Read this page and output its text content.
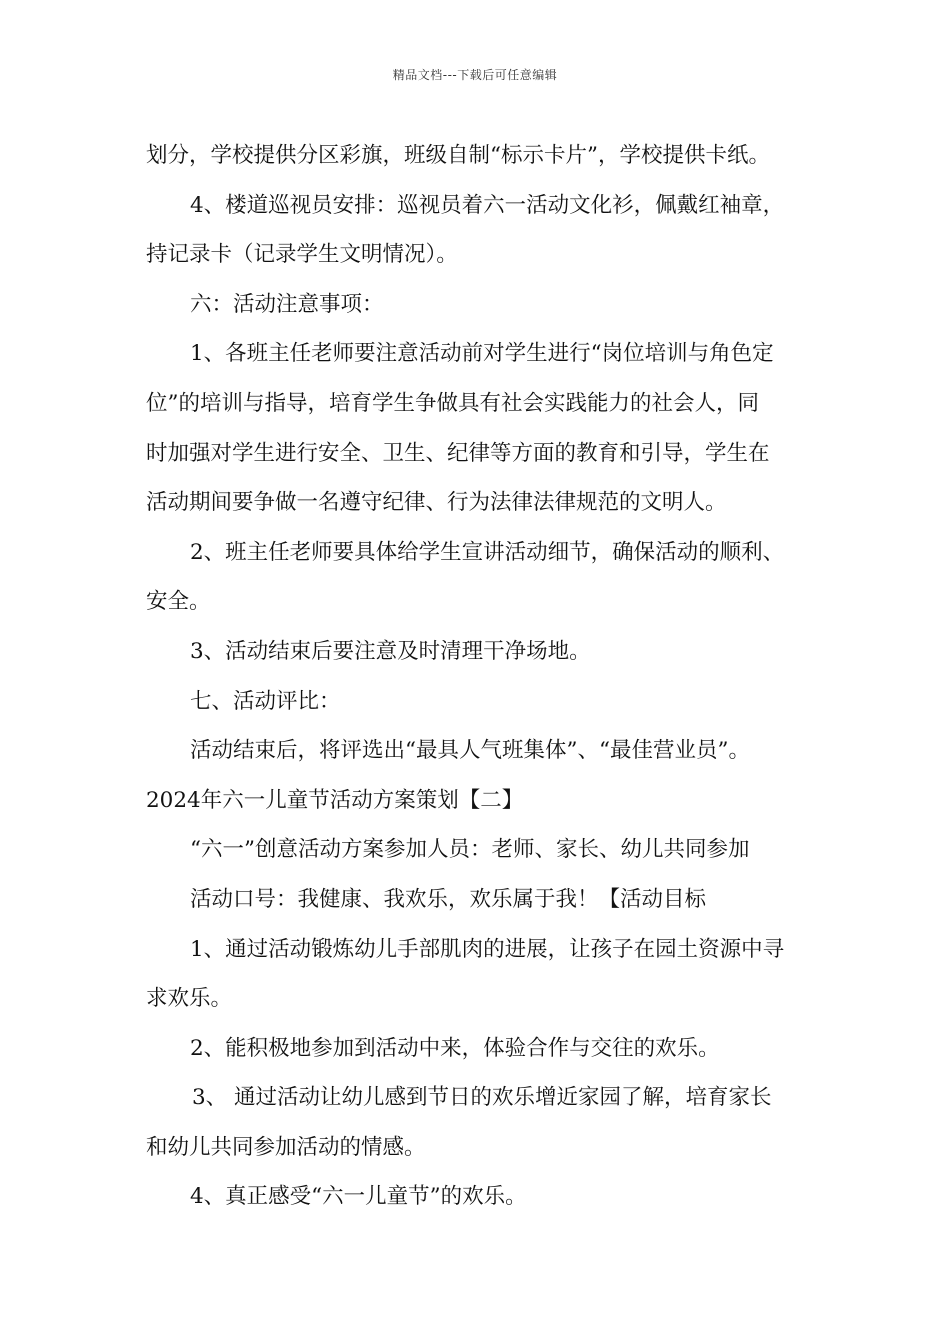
精品文档---下载后可任意编辑

划分，学校提供分区彩旗，班级自制“标示卡片”，学校提供卡纸。

4、楼道巡视员安排：巡视员着六一活动文化衫，佩戴红袖章，

持记录卡（记录学生文明情况）。

六：活动注意事项：

1、各班主任老师要注意活动前对学生进行“岗位培训与角色定

位”的培训与指导，培育学生争做具有社会实践能力的社会人，同

时加强对学生进行安全、卫生、纪律等方面的教育和引导，学生在

活动期间要争做一名遵守纪律、行为法律法律规范的文明人。

2、班主任老师要具体给学生宣讲活动细节，确保活动的顺利、

安全。

3、活动结束后要注意及时清理干净场地。

七、活动评比：

活动结束后，将评选出“最具人气班集体”、“最佳营业员”。

2024年六一儿童节活动方案策划【二】

“六一”创意活动方案参加人员：老师、家长、幼儿共同参加

活动口号：我健康、我欢乐，欢乐属于我！【活动目标

1、通过活动锻炼幼儿手部肌肉的进展，让孩子在园土资源中寻

求欢乐。

2、能积极地参加到活动中来，体验合作与交往的欢乐。

3、 通过活动让幼儿感到节日的欢乐增近家园了解，培育家长

和幼儿共同参加活动的情感。

4、真正感受“六一儿童节”的欢乐。
